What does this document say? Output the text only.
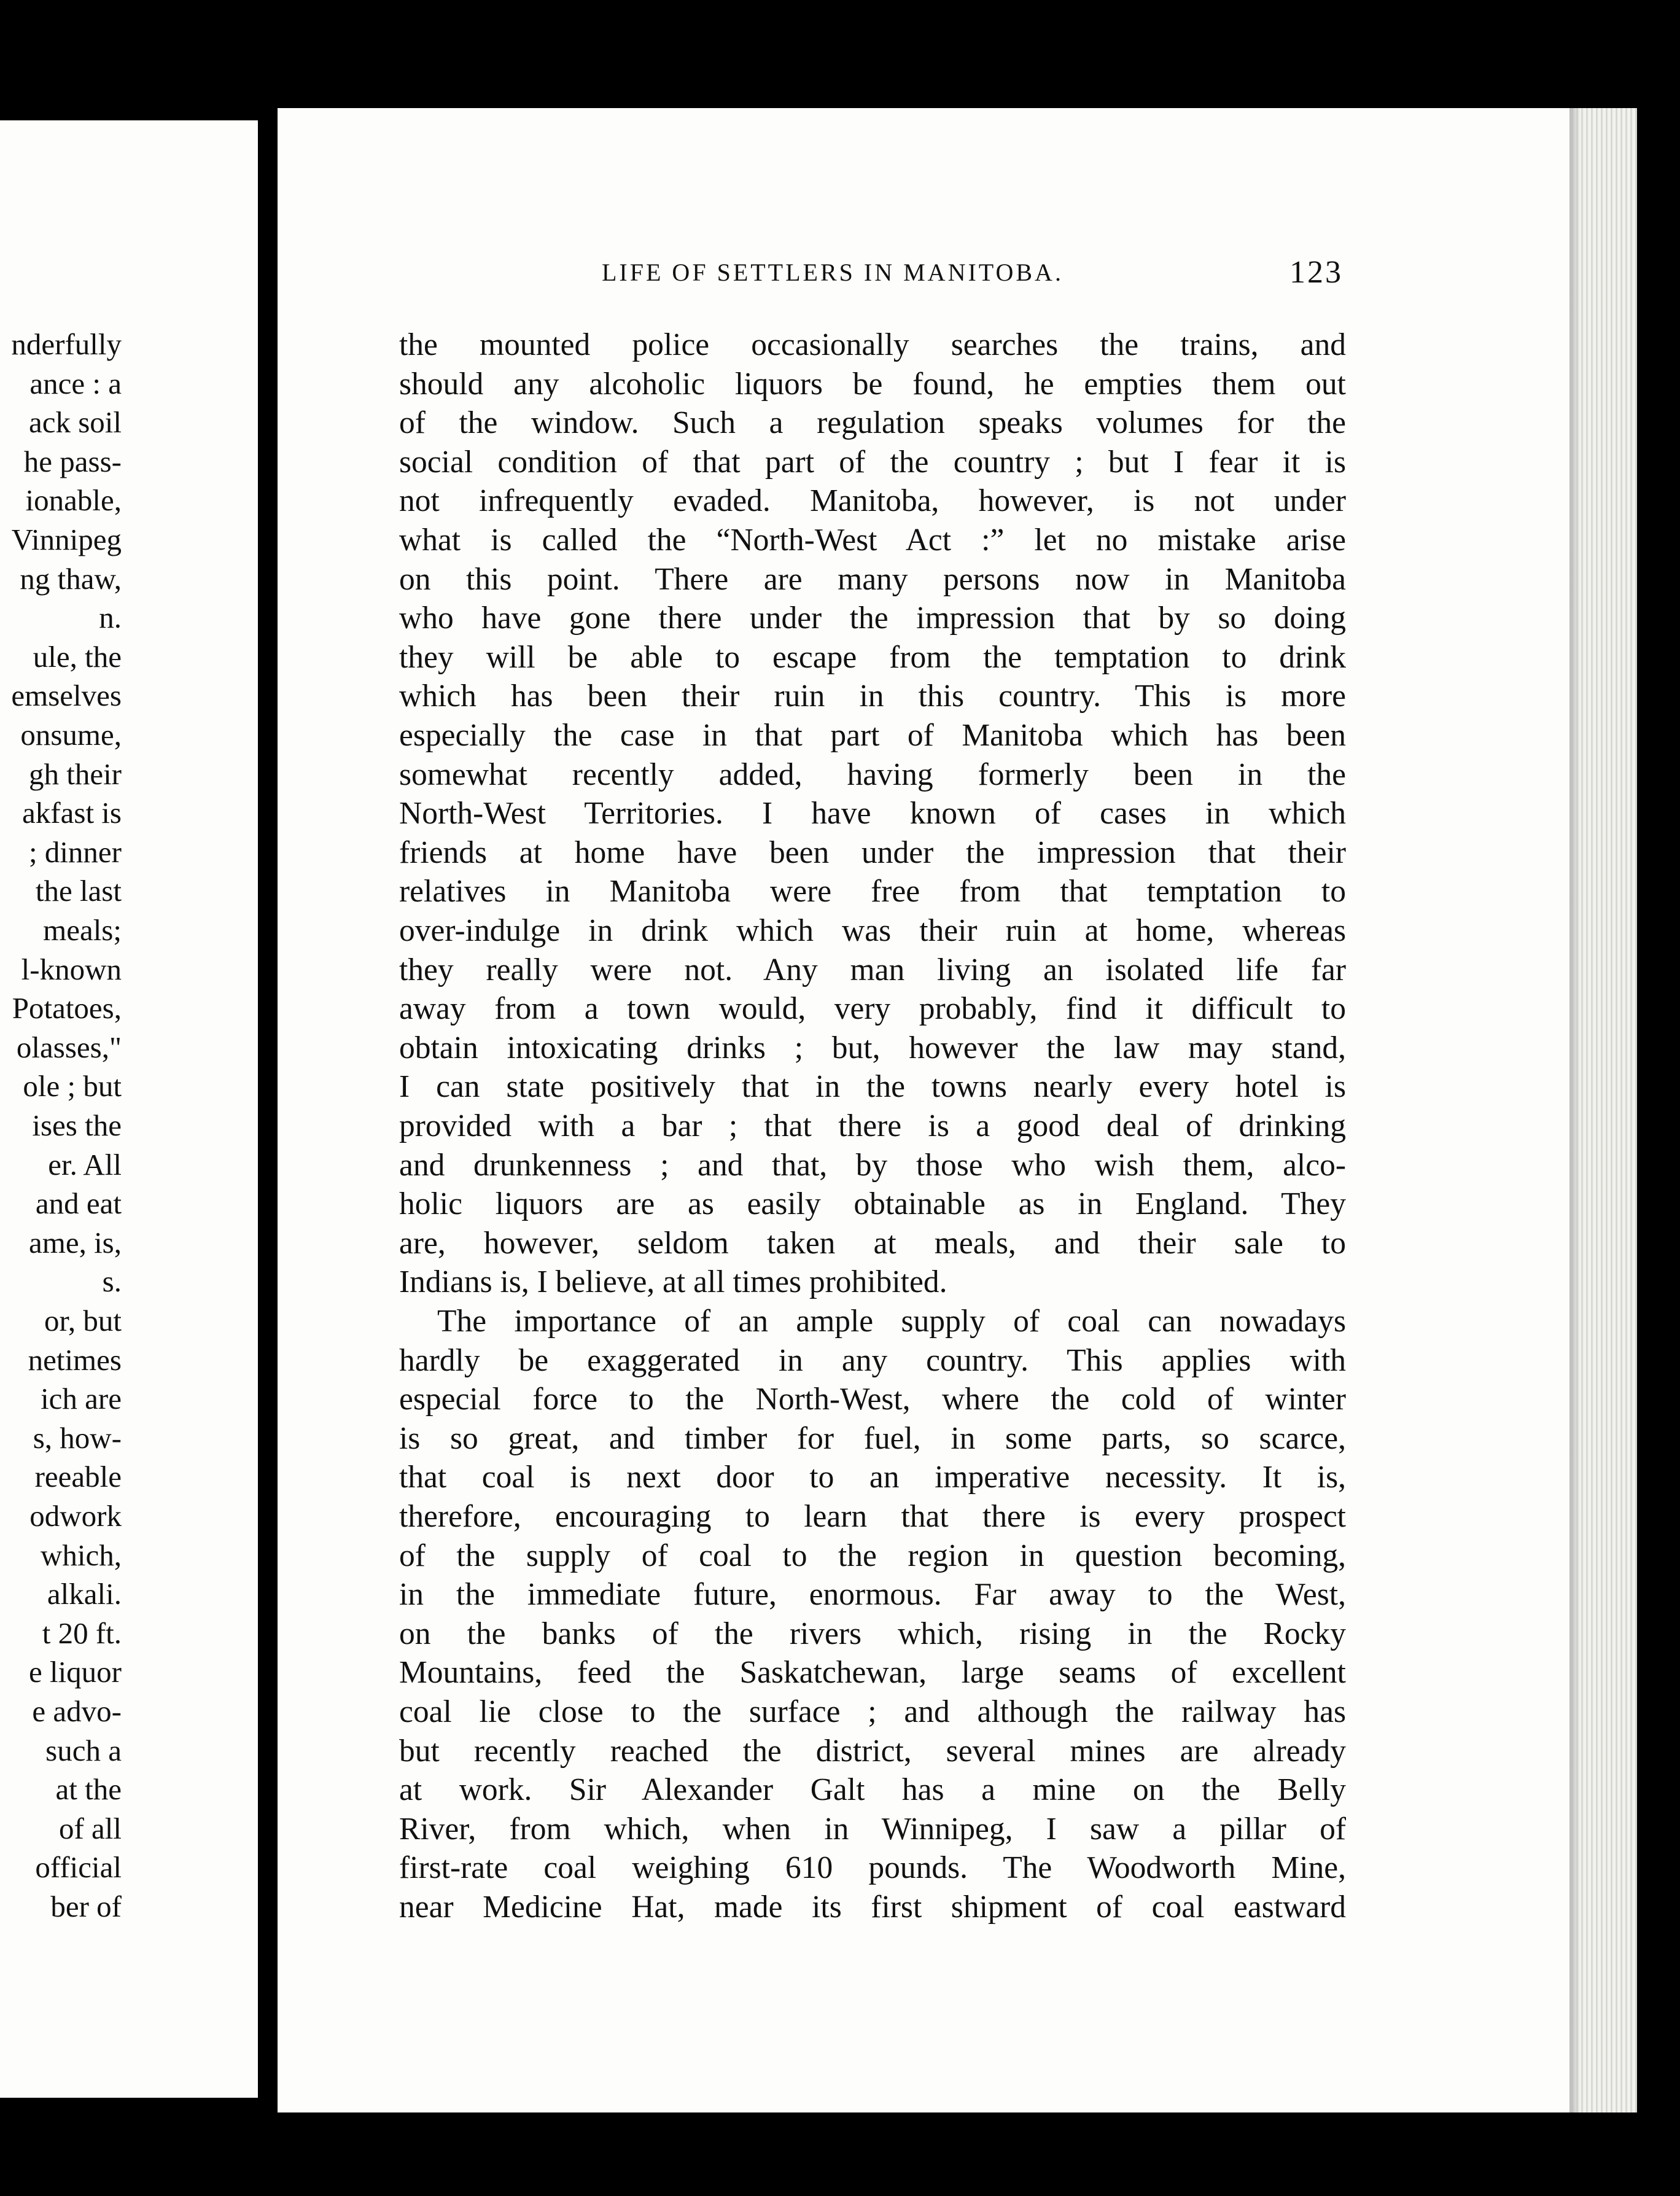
nderfully
ance : a
ack soil
he pass-
ionable,
Vinnipeg
ng thaw,
n.
ule, the
emselves
onsume,
gh their
akfast is
; dinner
the last
meals;
l-known
Potatoes,
olasses,"
ole ; but
ises the
er. All
and eat
ame, is,
s.
or, but
netimes
ich are
s, how-
reeable
odwork
which,
alkali.
t 20 ft.
e liquor
e advo-
such a
at the
of all
official
ber of
LIFE OF SETTLERS IN MANITOBA.	123
the mounted police occasionally searches the trains, and
should any alcoholic liquors be found, he empties them out
of the window. Such a regulation speaks volumes for the
social condition of that part of the country ; but I fear it is
not infrequently evaded. Manitoba, however, is not under
what is called the “North-West Act :” let no mistake arise
on this point. There are many persons now in Manitoba
who have gone there under the impression that by so doing
they will be able to escape from the temptation to drink
which has been their ruin in this country. This is more
especially the case in that part of Manitoba which has been
somewhat recently added, having formerly been in the
North-West Territories. I have known of cases in which
friends at home have been under the impression that their
relatives in Manitoba were free from that temptation to
over-indulge in drink which was their ruin at home, whereas
they really were not. Any man living an isolated life far
away from a town would, very probably, find it difficult to
obtain intoxicating drinks ; but, however the law may stand,
I can state positively that in the towns nearly every hotel is
provided with a bar ; that there is a good deal of drinking
and drunkenness ; and that, by those who wish them, alco-
holic liquors are as easily obtainable as in England. They
are, however, seldom taken at meals, and their sale to
Indians is, I believe, at all times prohibited.
The importance of an ample supply of coal can nowadays
hardly be exaggerated in any country. This applies with
especial force to the North-West, where the cold of winter
is so great, and timber for fuel, in some parts, so scarce,
that coal is next door to an imperative necessity. It is,
therefore, encouraging to learn that there is every prospect
of the supply of coal to the region in question becoming,
in the immediate future, enormous. Far away to the West,
on the banks of the rivers which, rising in the Rocky
Mountains, feed the Saskatchewan, large seams of excellent
coal lie close to the surface ; and although the railway has
but recently reached the district, several mines are already
at work. Sir Alexander Galt has a mine on the Belly
River, from which, when in Winnipeg, I saw a pillar of
first-rate coal weighing 610 pounds. The Woodworth Mine,
near Medicine Hat, made its first shipment of coal eastward
